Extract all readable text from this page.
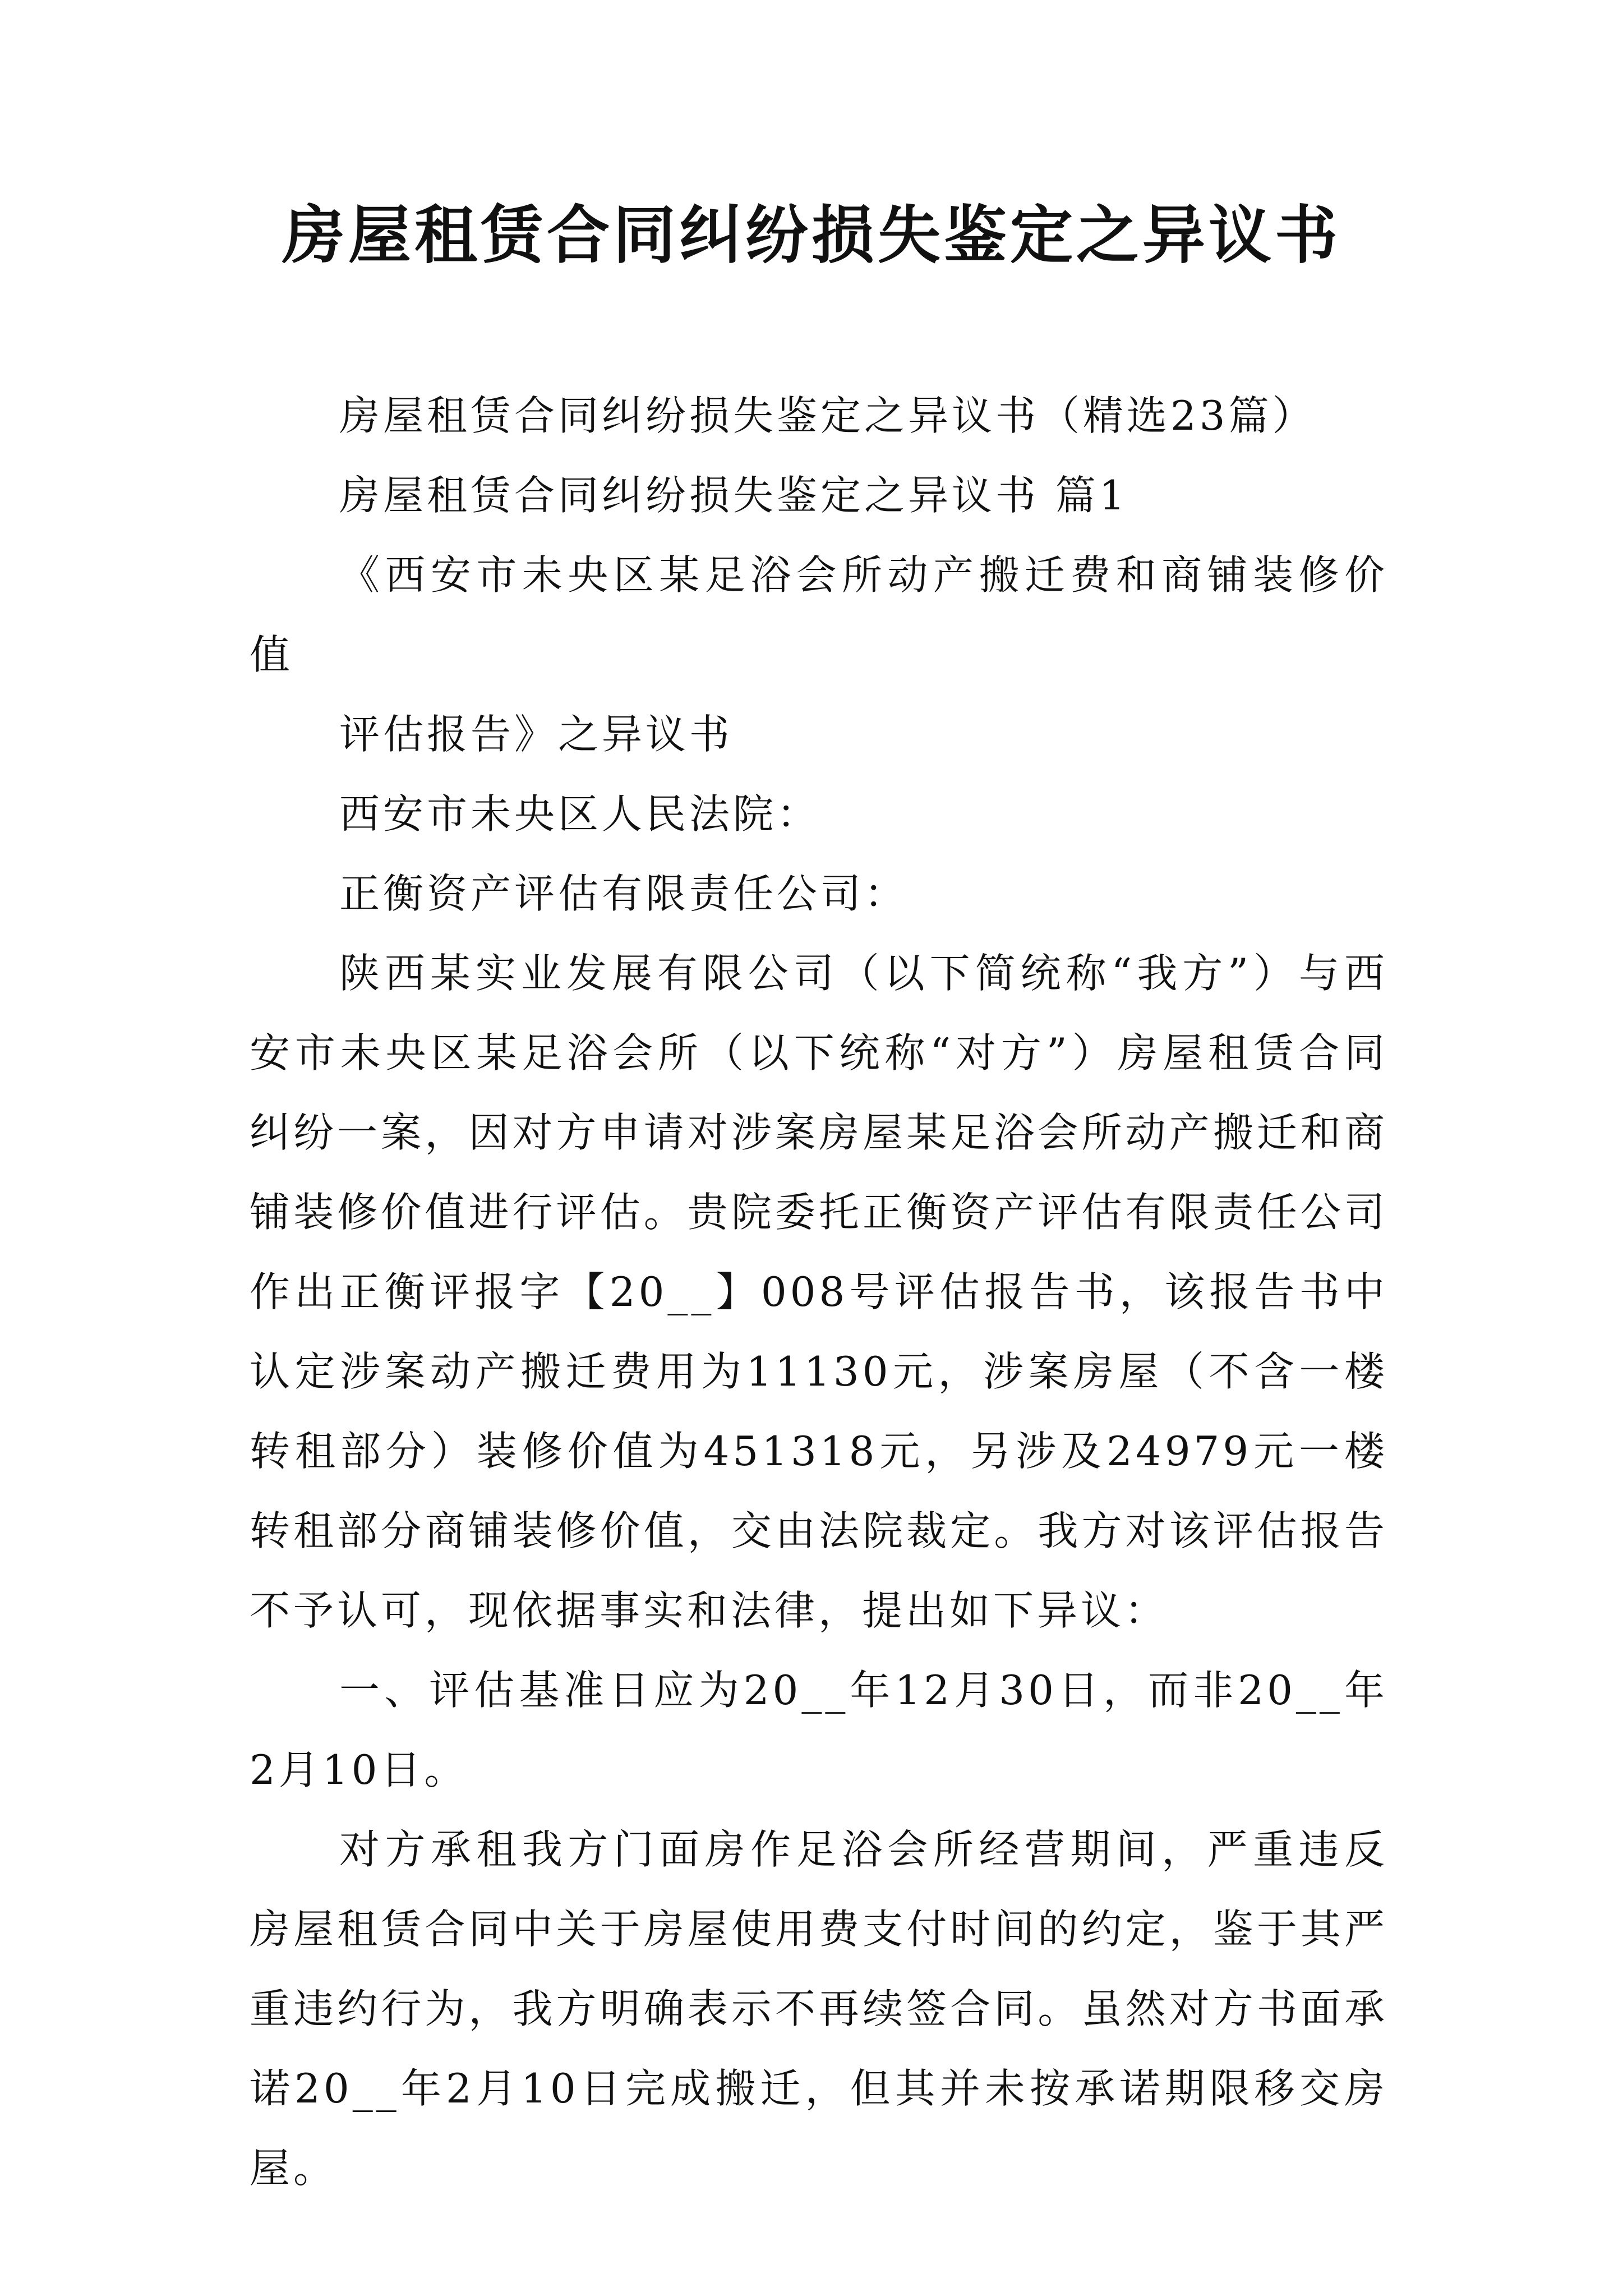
房屋租赁合同纠纷损失鉴定之异议书

房屋租赁合同纠纷损失鉴定之异议书（精选23篇）

房屋租赁合同纠纷损失鉴定之异议书 篇1

《西安市未央区某足浴会所动产搬迁费和商铺装修价值

评估报告》之异议书

西安市未央区人民法院：

正衡资产评估有限责任公司：

陕西某实业发展有限公司（以下简统称“我方”）与西安市未央区某足浴会所（以下统称“对方”）房屋租赁合同纠纷一案，因对方申请对涉案房屋某足浴会所动产搬迁和商铺装修价值进行评估。贵院委托正衡资产评估有限责任公司作出正衡评报字【20__】008号评估报告书，该报告书中认定涉案动产搬迁费用为11130元，涉案房屋（不含一楼转租部分）装修价值为451318元，另涉及24979元一楼转租部分商铺装修价值，交由法院裁定。我方对该评估报告不予认可，现依据事实和法律，提出如下异议：

一、评估基准日应为20__年12月30日，而非20__年2月10日。

对方承租我方门面房作足浴会所经营期间，严重违反房屋租赁合同中关于房屋使用费支付时间的约定，鉴于其严重违约行为，我方明确表示不再续签合同。虽然对方书面承诺20__年2月10日完成搬迁，但其并未按承诺期限移交房屋。
